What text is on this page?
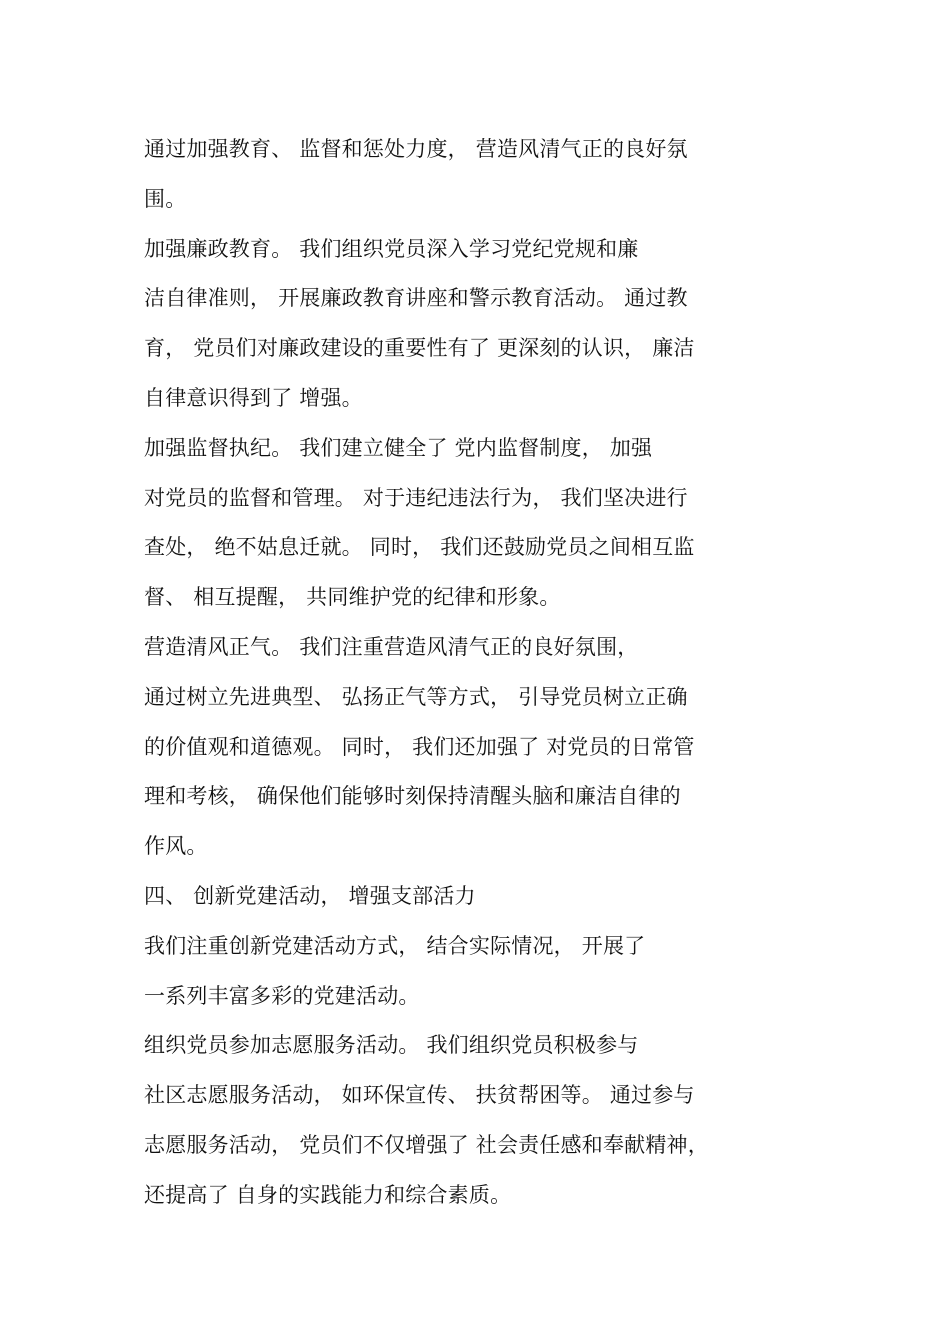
通过加强教育、 监督和惩处力度， 营造风清气正的良好氛
围。
加强廉政教育。 我们组织党员深入学习党纪党规和廉
洁自律准则， 开展廉政教育讲座和警示教育活动。 通过教
育， 党员们对廉政建设的重要性有了 更深刻的认识， 廉洁
自律意识得到了 增强。
加强监督执纪。 我们建立健全了 党内监督制度， 加强
对党员的监督和管理。 对于违纪违法行为， 我们坚决进行
查处， 绝不姑息迁就。 同时， 我们还鼓励党员之间相互监
督、 相互提醒， 共同维护党的纪律和形象。
营造清风正气。 我们注重营造风清气正的良好氛围，
通过树立先进典型、 弘扬正气等方式， 引导党员树立正确
的价值观和道德观。 同时， 我们还加强了 对党员的日常管
理和考核， 确保他们能够时刻保持清醒头脑和廉洁自律的
作风。
四、 创新党建活动， 增强支部活力
我们注重创新党建活动方式， 结合实际情况， 开展了
一系列丰富多彩的党建活动。
组织党员参加志愿服务活动。 我们组织党员积极参与
社区志愿服务活动， 如环保宣传、 扶贫帮困等。 通过参与
志愿服务活动， 党员们不仅增强了 社会责任感和奉献精神，
还提高了 自身的实践能力和综合素质。
